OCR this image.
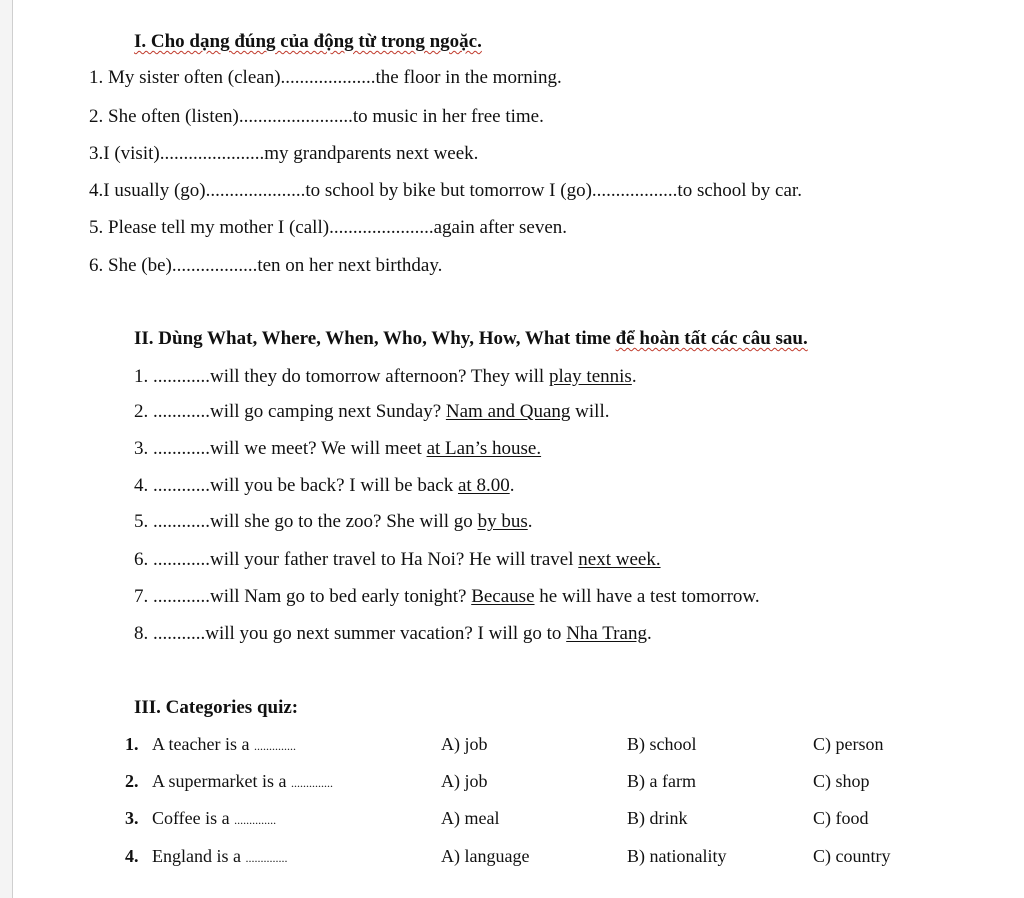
I. Cho dạng đúng của động từ trong ngoặc.
1. My sister often (clean)....................the floor in the morning.
2. She often (listen)........................to music in her free time.
3.I (visit)......................my grandparents next week.
4.I usually (go).....................to school by bike but tomorrow I (go)..................to school by car.
5. Please tell my mother I (call)......................again after seven.
6. She (be)..................ten on her next birthday.
II. Dùng What, Where, When, Who, Why, How, What time để hoàn tất các câu sau.
1. ............will they do tomorrow afternoon? They will play tennis.
2. ............will go camping next Sunday? Nam and Quang will.
3. ............will we meet? We will meet at Lan’s house.
4. ............will you be back? I will be back at 8.00.
5. ............will she go to the zoo? She will go by bus.
6. ............will your father travel to Ha Noi? He will travel next week.
7. ............will Nam go to bed early tonight? Because he will have a test tomorrow.
8. ...........will you go next summer vacation? I will go to Nha Trang.
III. Categories quiz:
1. A teacher is a ..............	A) job	B) school	C) person
2. A supermarket is a ..............	A) job	B) a farm	C) shop
3. Coffee is a ..............	A) meal	B) drink	C) food
4. England is a ..............	A) language	B) nationality	C) country
